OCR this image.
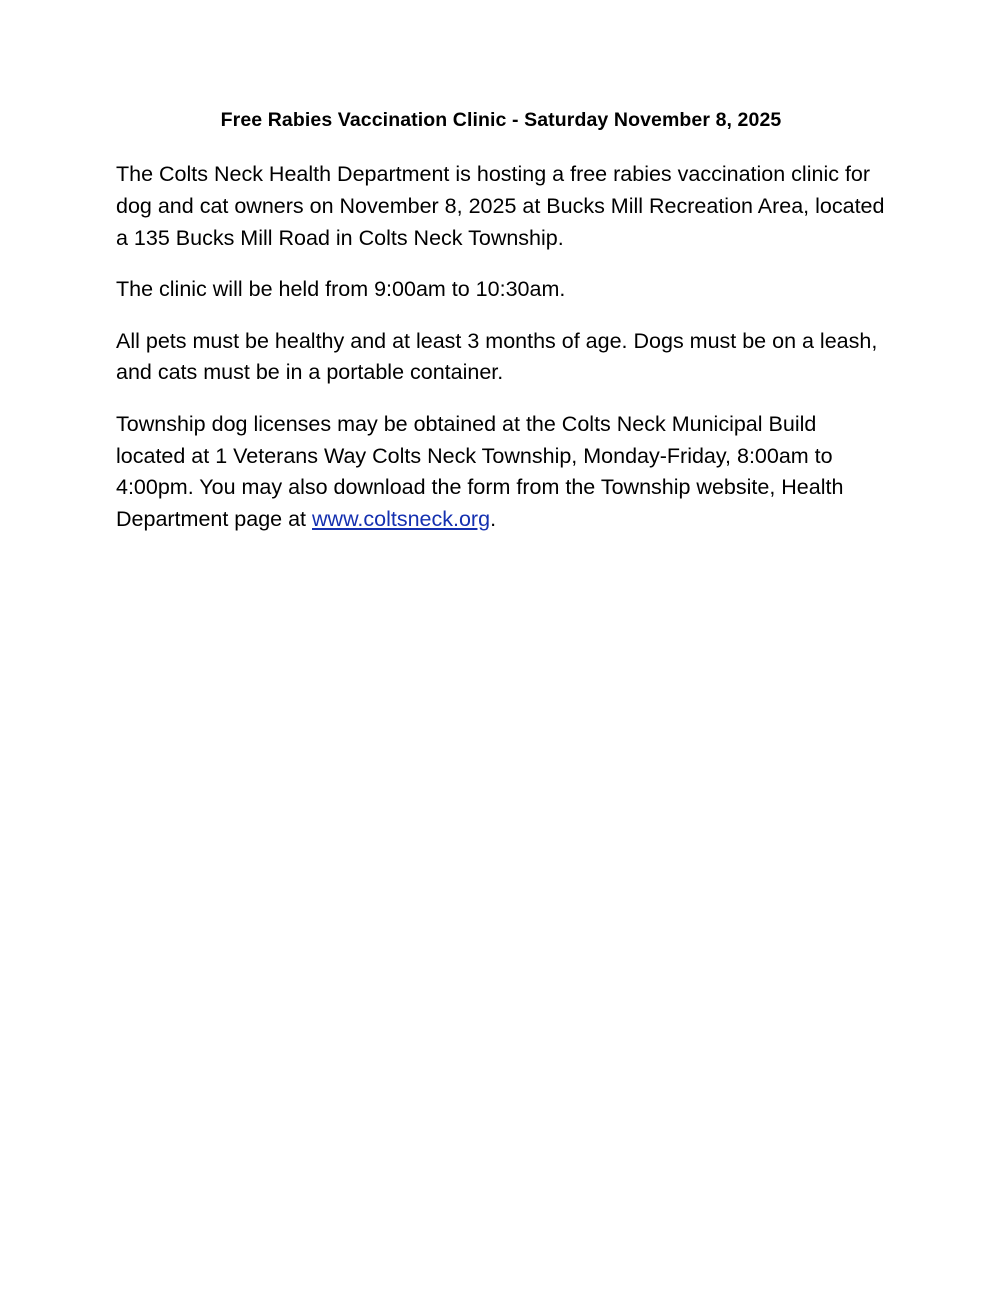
Free Rabies Vaccination Clinic - Saturday November 8, 2025

The Colts Neck Health Department is hosting a free rabies vaccination clinic for dog and cat owners on November 8, 2025 at Bucks Mill Recreation Area, located a 135 Bucks Mill Road in Colts Neck Township.

The clinic will be held from 9:00am to 10:30am.

All pets must be healthy and at least 3 months of age. Dogs must be on a leash, and cats must be in a portable container.

Township dog licenses may be obtained at the Colts Neck Municipal Build located at 1 Veterans Way Colts Neck Township, Monday-Friday, 8:00am to 4:00pm. You may also download the form from the Township website, Health Department page at www.coltsneck.org.
